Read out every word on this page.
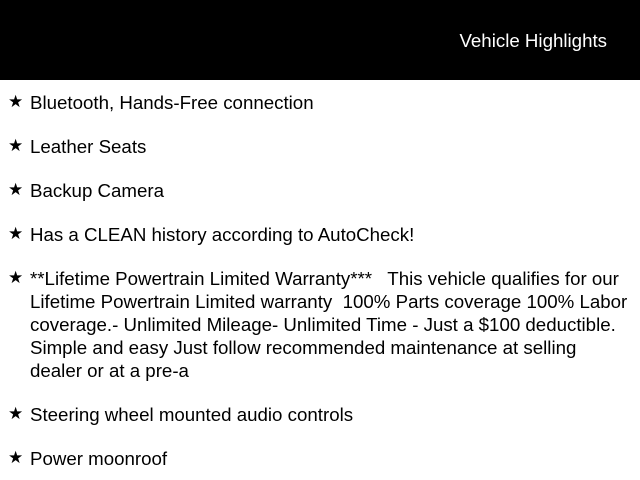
Vehicle Highlights
★ Bluetooth, Hands-Free connection
★ Leather Seats
★ Backup Camera
★ Has a CLEAN history according to AutoCheck!
★ **Lifetime Powertrain Limited Warranty***   This vehicle qualifies for our Lifetime Powertrain Limited warranty  100% Parts coverage 100% Labor coverage.- Unlimited Mileage- Unlimited Time - Just a $100 deductible. Simple and easy Just follow recommended maintenance at selling dealer or at a pre-a
★ Steering wheel mounted audio controls
★ Power moonroof
